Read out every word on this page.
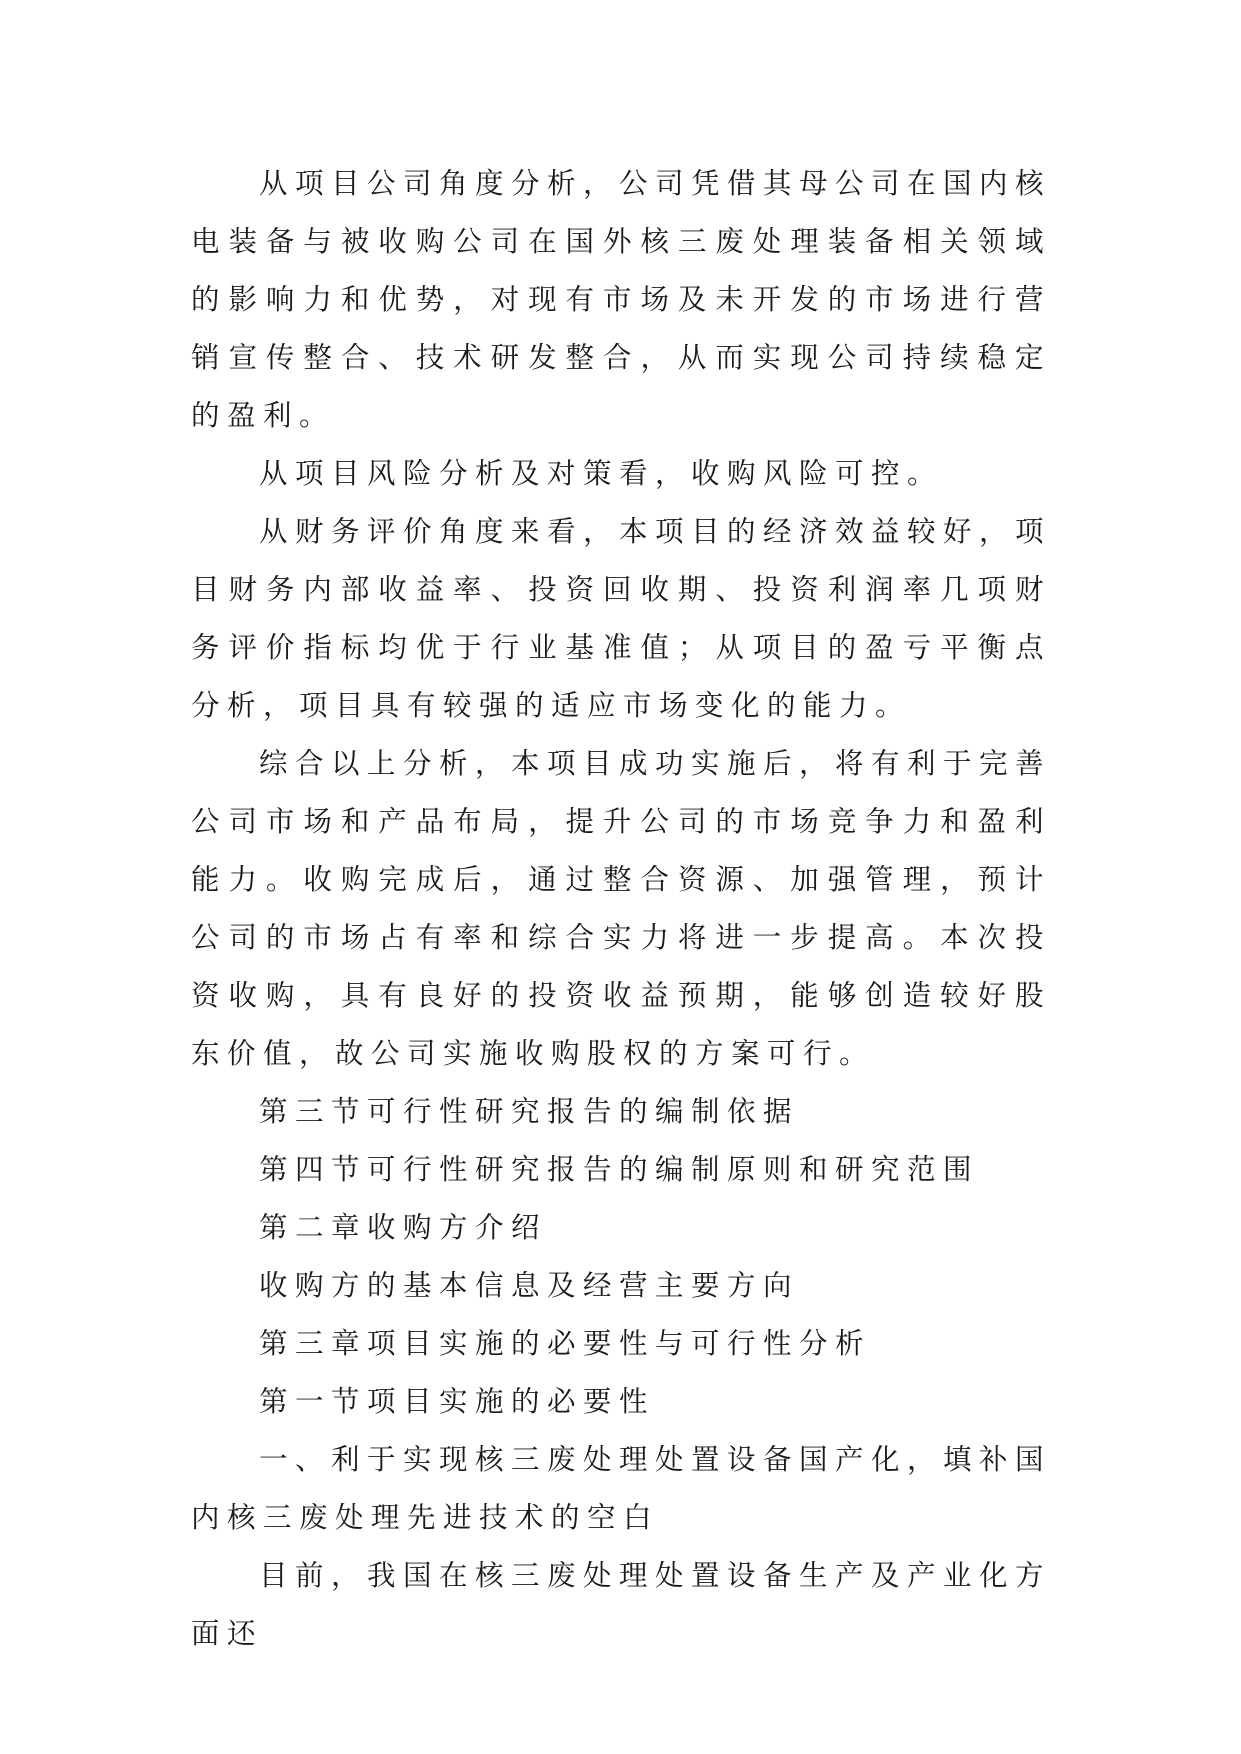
从项目公司角度分析，公司凭借其母公司在国内核电装备与被收购公司在国外核三废处理装备相关领域的影响力和优势，对现有市场及未开发的市场进行营销宣传整合、技术研发整合，从而实现公司持续稳定的盈利。

从项目风险分析及对策看，收购风险可控。

从财务评价角度来看，本项目的经济效益较好，项目财务内部收益率、投资回收期、投资利润率几项财务评价指标均优于行业基准值；从项目的盈亏平衡点分析，项目具有较强的适应市场变化的能力。

综合以上分析，本项目成功实施后，将有利于完善公司市场和产品布局，提升公司的市场竞争力和盈利能力。收购完成后，通过整合资源、加强管理，预计公司的市场占有率和综合实力将进一步提高。本次投资收购，具有良好的投资收益预期，能够创造较好股东价值，故公司实施收购股权的方案可行。

第三节可行性研究报告的编制依据

第四节可行性研究报告的编制原则和研究范围

第二章收购方介绍

收购方的基本信息及经营主要方向

第三章项目实施的必要性与可行性分析

第一节项目实施的必要性

一、利于实现核三废处理处置设备国产化，填补国内核三废处理先进技术的空白

目前，我国在核三废处理处置设备生产及产业化方面还
